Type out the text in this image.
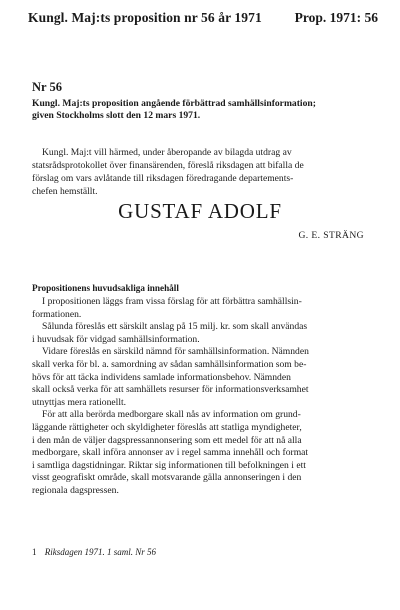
Kungl. Maj:ts proposition nr 56 år 1971 Prop. 1971: 56
Nr 56
Kungl. Maj:ts proposition angående förbättrad samhällsinformation;
given Stockholms slott den 12 mars 1971.
Kungl. Maj:t vill härmed, under åberopande av bilagda utdrag av
statsrådsprotokollet över finansärenden, föreslå riksdagen att bifalla de
förslag om vars avlåtande till riksdagen föredragande departements-
chefen hemställt.
GUSTAF ADOLF
G. E. STRÄNG
Propositionens huvudsakliga innehåll
I propositionen läggs fram vissa förslag för att förbättra samhällsin-
formationen.
Sålunda föreslås ett särskilt anslag på 15 milj. kr. som skall användas
i huvudsak för vidgad samhällsinformation.
Vidare föreslås en särskild nämnd för samhällsinformation. Nämnden
skall verka för bl. a. samordning av sådan samhällsinformation som be-
hövs för att täcka individens samlade informationsbehov. Nämnden
skall också verka för att samhällets resurser för informationsverksamhet
utnyttjas mera rationellt.
För att alla berörda medborgare skall nås av information om grund-
läggande rättigheter och skyldigheter föreslås att statliga myndigheter,
i den mån de väljer dagspressannonsering som ett medel för att nå alla
medborgare, skall införa annonser av i regel samma innehåll och format
i samtliga dagstidningar. Riktar sig informationen till befolkningen i ett
visst geografiskt område, skall motsvarande gälla annonseringen i den
regionala dagspressen.
1 Riksdagen 1971. 1 saml. Nr 56
